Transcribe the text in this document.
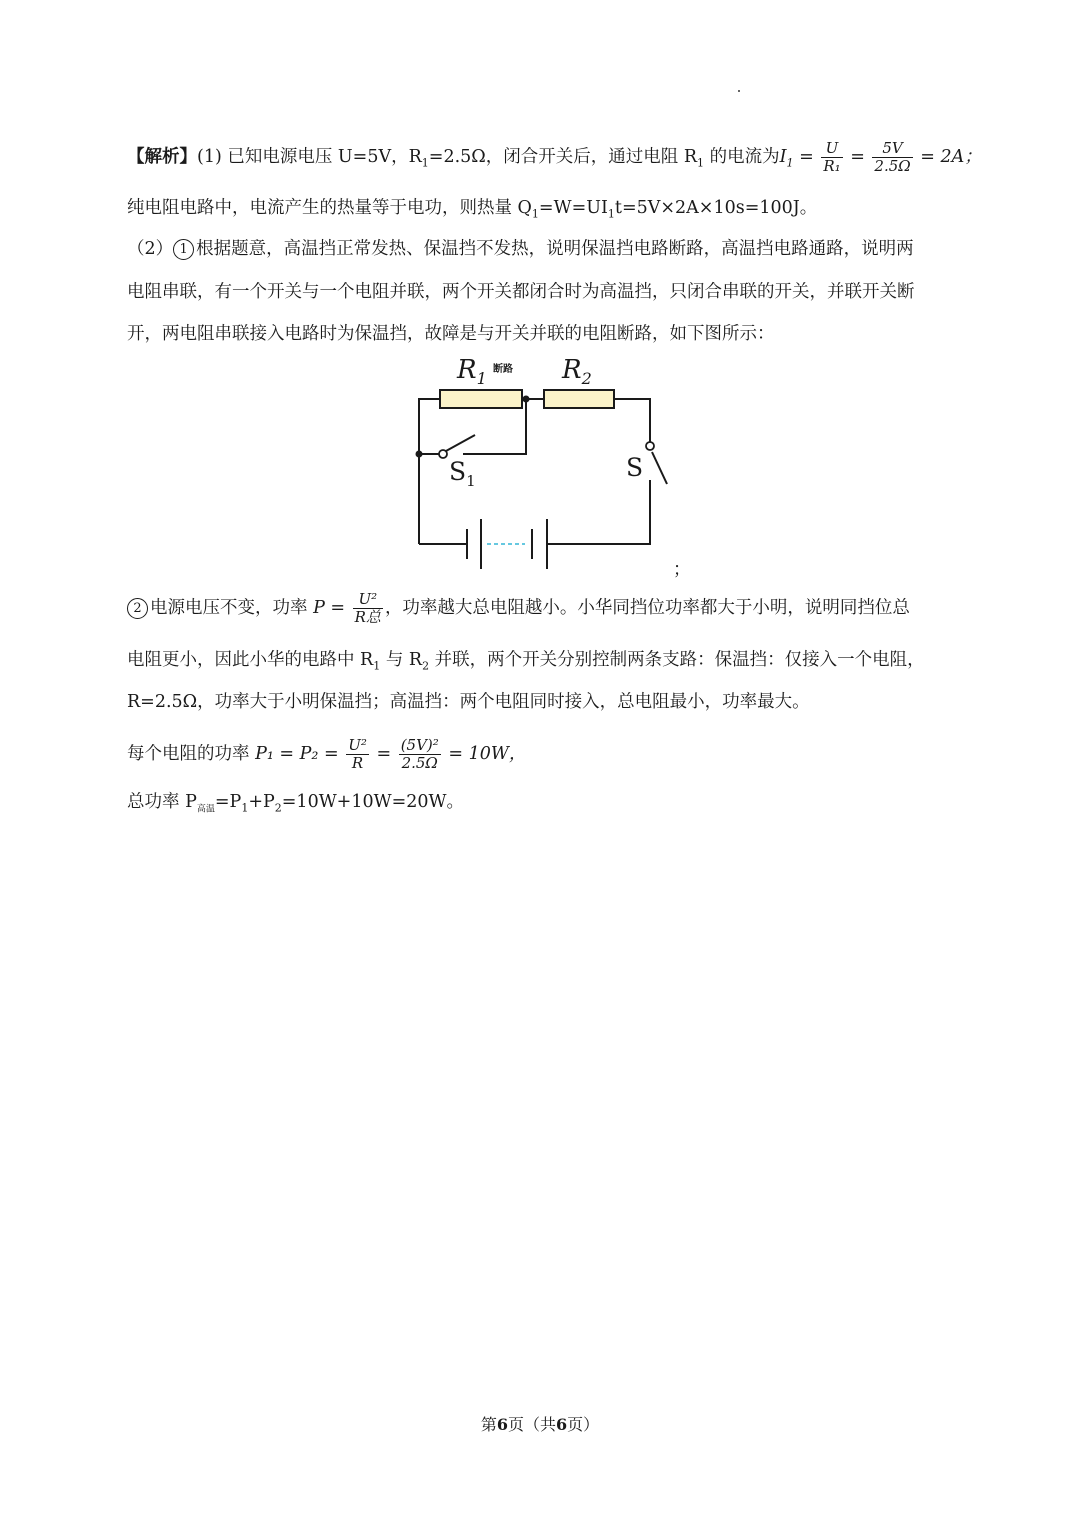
【解析】(1) 已知电源电压 U=5V，$R_1=2.5\Omega$，闭合开关后，通过电阻 $R_1$ 的电流为$I_1 = \frac{U}{\text{R₁}} = \frac{5V}{2.5\Omega} = 2A$；
纯电阻电路中，电流产生的热量等于电功，则热量 $Q_1=W=UI_1t=5V\times 2A\times 10s=100J$。
（2） 1 根据题意，高温挡正常发热、保温挡不发热，说明保温挡电路断路，高温挡电路通路，说明两
电阻串联，有一个开关与一个电阻并联，两个开关都闭合时为高温挡，只闭合串联的开关，并联开关断
开，两电阻串联接入电路时为保温挡，故障是与开关并联的电阻断路，如下图所示：
$R_1$ 断路 $R_2$
$S_1$	S
；
2 电源电压不变，功率 $P = \frac{\text{U²}}{\text{R总}}$ ，功率越大总电阻越小。小华同挡位功率都大于小明，说明同挡位总
电阻更小，因此小华的电路中 $R_1$ 与 $R_2$ 并联，两个开关分别控制两条支路：保温挡：仅接入一个电阻，
R=2.5Ω，功率大于小明保温挡；高温挡：两个电阻同时接入，总电阻最小，功率最大。
每个电阻的功率 $P_1 = P_2 = \frac{\text{U²}}{R} = \frac{\text{(5V)²}}{2.5\Omega} = 10W$，
总功率 $P_{高温}=P_1+P_2=10W+10W=20W$。
第6页（共6页）
